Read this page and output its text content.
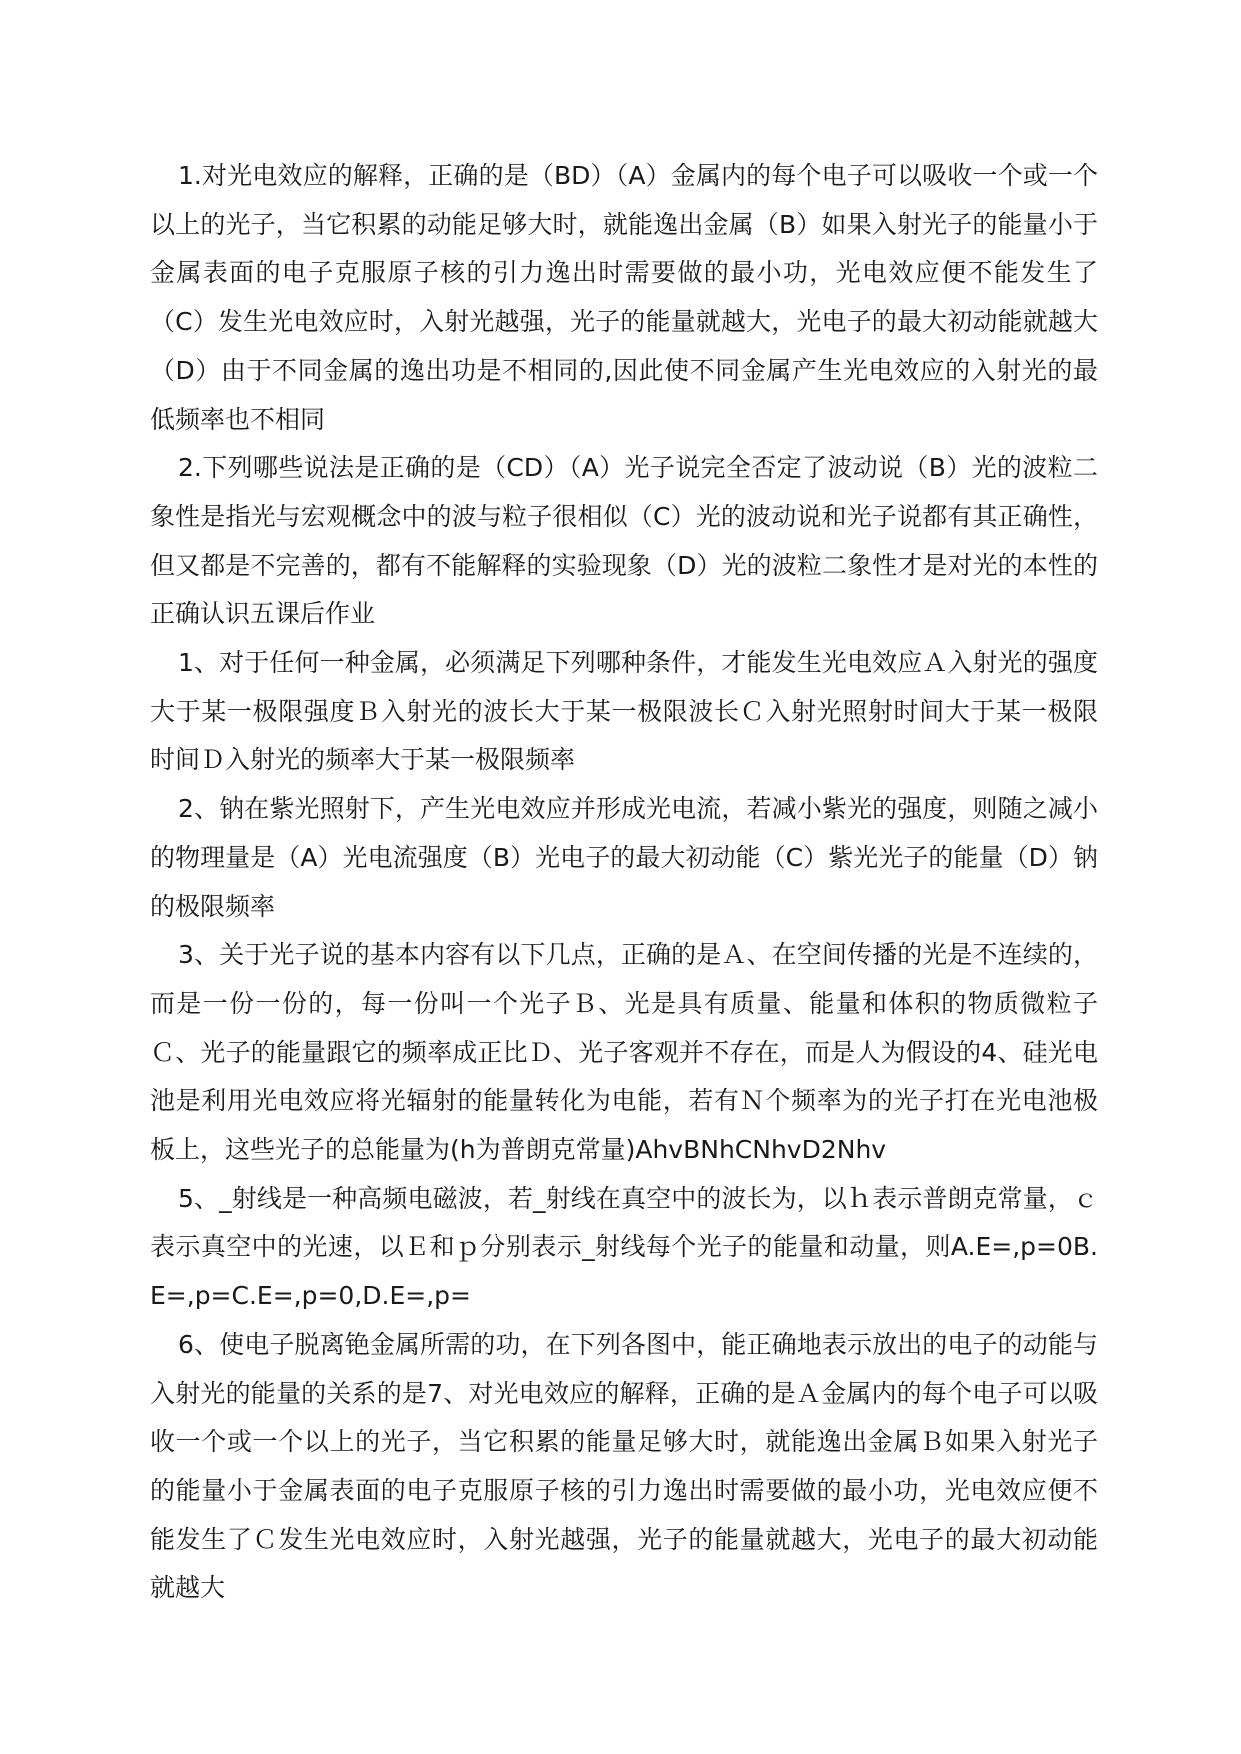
1.对光电效应的解释，正确的是（BD）（A）金属内的每个电子可以吸收一个或一个以上的光子，当它积累的动能足够大时，就能逸出金属（B）如果入射光子的能量小于金属表面的电子克服原子核的引力逸出时需要做的最小功，光电效应便不能发生了（C）发生光电效应时，入射光越强，光子的能量就越大，光电子的最大初动能就越大（D）由于不同金属的逸出功是不相同的,因此使不同金属产生光电效应的入射光的最低频率也不相同

2.下列哪些说法是正确的是（CD）（A）光子说完全否定了波动说（B）光的波粒二象性是指光与宏观概念中的波与粒子很相似（C）光的波动说和光子说都有其正确性，但又都是不完善的，都有不能解释的实验现象（D）光的波粒二象性才是对光的本性的正确认识五课后作业

1、对于任何一种金属，必须满足下列哪种条件，才能发生光电效应Ａ入射光的强度大于某一极限强度Ｂ入射光的波长大于某一极限波长Ｃ入射光照射时间大于某一极限时间Ｄ入射光的频率大于某一极限频率

2、钠在紫光照射下，产生光电效应并形成光电流，若减小紫光的强度，则随之减小的物理量是（A）光电流强度（B）光电子的最大初动能（C）紫光光子的能量（D）钠的极限频率

3、关于光子说的基本内容有以下几点，正确的是Ａ、在空间传播的光是不连续的，而是一份一份的，每一份叫一个光子Ｂ、光是具有质量、能量和体积的物质微粒子Ｃ、光子的能量跟它的频率成正比Ｄ、光子客观并不存在，而是人为假设的4、硅光电池是利用光电效应将光辐射的能量转化为电能，若有Ｎ个频率为的光子打在光电池极板上，这些光子的总能量为(h为普朗克常量)AhvBNhCNhvD2Nhv

5、_射线是一种高频电磁波，若_射线在真空中的波长为，以ｈ表示普朗克常量，ｃ表示真空中的光速，以Ｅ和ｐ分别表示_射线每个光子的能量和动量，则A.E=,p=0B.E=,p=C.E=,p=0,D.E=,p=

6、使电子脱离铯金属所需的功，在下列各图中，能正确地表示放出的电子的动能与入射光的能量的关系的是7、对光电效应的解释，正确的是Ａ金属内的每个电子可以吸收一个或一个以上的光子，当它积累的能量足够大时，就能逸出金属Ｂ如果入射光子的能量小于金属表面的电子克服原子核的引力逸出时需要做的最小功，光电效应便不能发生了Ｃ发生光电效应时，入射光越强，光子的能量就越大，光电子的最大初动能就越大
